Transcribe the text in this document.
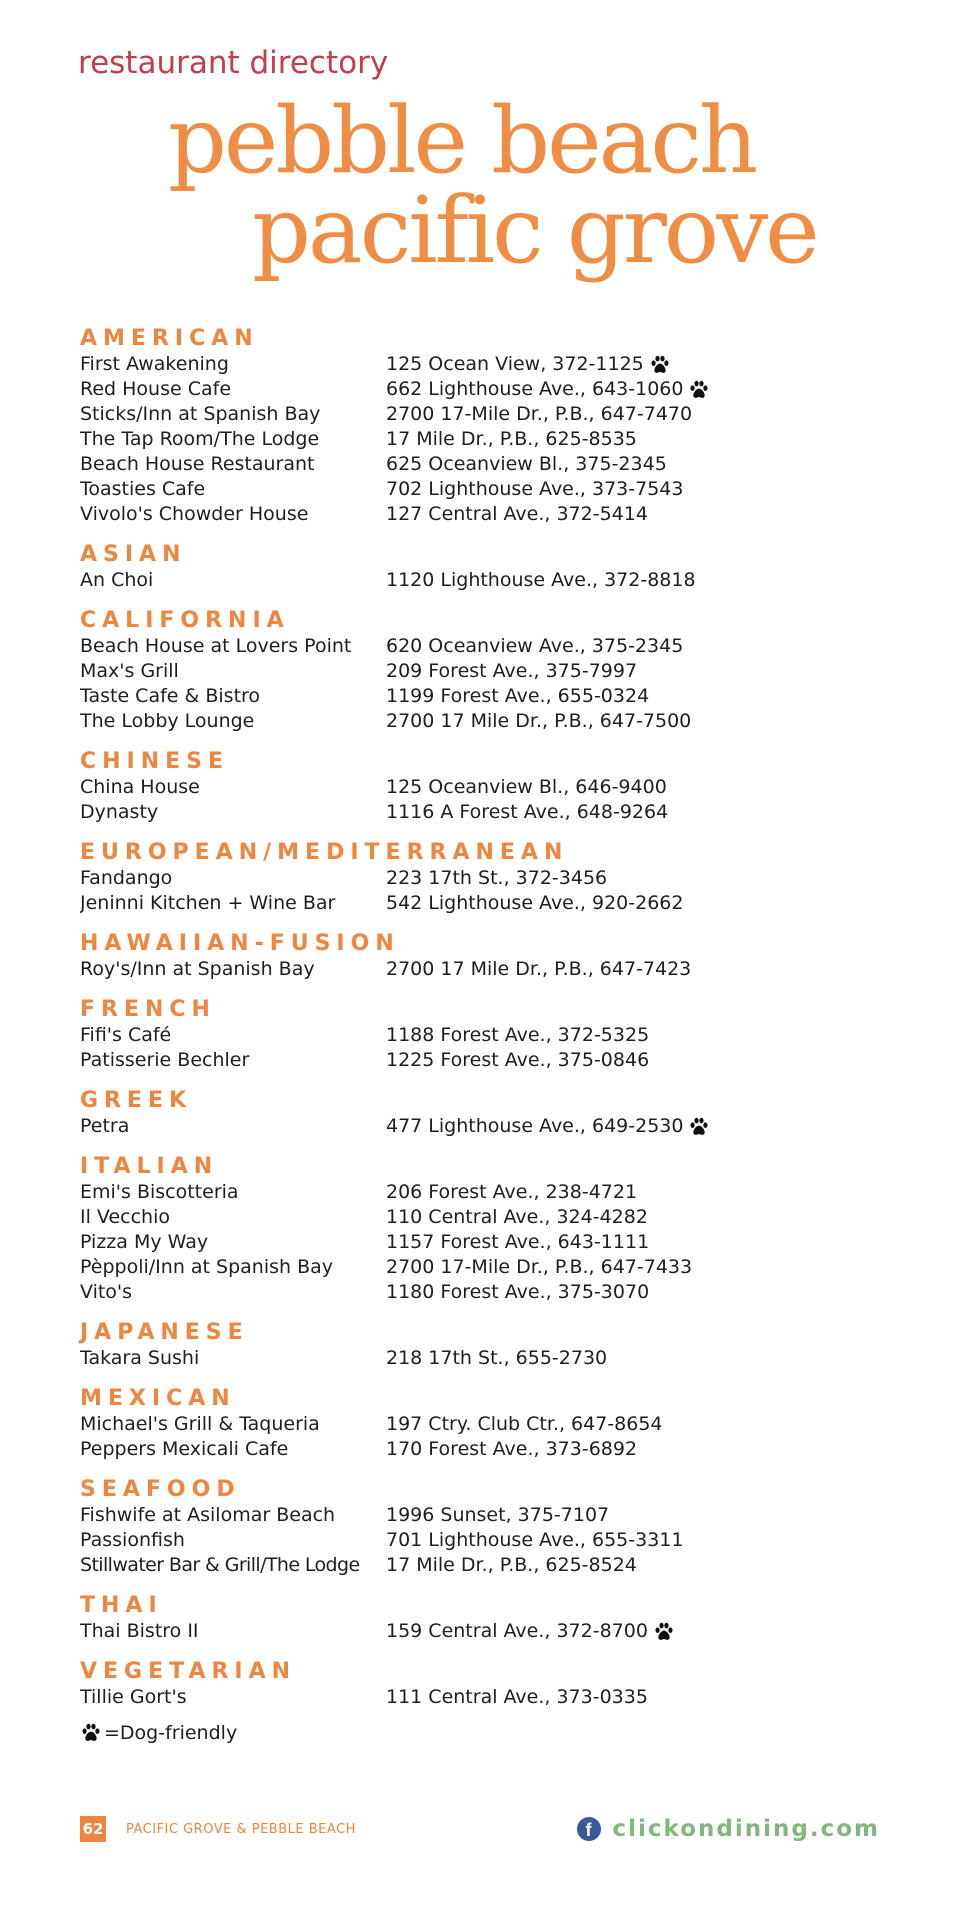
restaurant directory

pebble beach
pacific grove
AMERICAN
First Awakening	125 Ocean View, 372-1125
Red House Cafe	662 Lighthouse Ave., 643-1060
Sticks/Inn at Spanish Bay	2700 17-Mile Dr., P.B., 647-7470
The Tap Room/The Lodge	17 Mile Dr., P.B., 625-8535
Beach House Restaurant	625 Oceanview Bl., 375-2345
Toasties Cafe	702 Lighthouse Ave., 373-7543
Vivolo's Chowder House	127 Central Ave., 372-5414
ASIAN
An Choi	1120 Lighthouse Ave., 372-8818
CALIFORNIA
Beach House at Lovers Point	620 Oceanview Ave., 375-2345
Max's Grill	209 Forest Ave., 375-7997
Taste Cafe & Bistro	1199 Forest Ave., 655-0324
The Lobby Lounge	2700 17 Mile Dr., P.B., 647-7500
CHINESE
China House	125 Oceanview Bl., 646-9400
Dynasty	1116 A Forest Ave., 648-9264
EUROPEAN/MEDITERRANEAN
Fandango	223 17th St., 372-3456
Jeninni Kitchen + Wine Bar	542 Lighthouse Ave., 920-2662
HAWAIIAN-FUSION
Roy's/Inn at Spanish Bay	2700 17 Mile Dr., P.B., 647-7423
FRENCH
Fifi's Café	1188 Forest Ave., 372-5325
Patisserie Bechler	1225 Forest Ave., 375-0846
GREEK
Petra	477 Lighthouse Ave., 649-2530
ITALIAN
Emi's Biscotteria	206 Forest Ave., 238-4721
Il Vecchio	110 Central Ave., 324-4282
Pizza My Way	1157 Forest Ave., 643-1111
Pèppoli/Inn at Spanish Bay	2700 17-Mile Dr., P.B., 647-7433
Vito's	1180 Forest Ave., 375-3070
JAPANESE
Takara Sushi	218 17th St., 655-2730
MEXICAN
Michael's Grill & Taqueria	197 Ctry. Club Ctr., 647-8654
Peppers Mexicali Cafe	170 Forest Ave., 373-6892
SEAFOOD
Fishwife at Asilomar Beach	1996 Sunset, 375-7107
Passionfish	701 Lighthouse Ave., 655-3311
Stillwater Bar & Grill/The Lodge	17 Mile Dr., P.B., 625-8524
THAI
Thai Bistro II	159 Central Ave., 372-8700
VEGETARIAN
Tillie Gort's	111 Central Ave., 373-0335
=Dog-friendly
62 PACIFIC GROVE & PEBBLE BEACH	f clickondining.com
